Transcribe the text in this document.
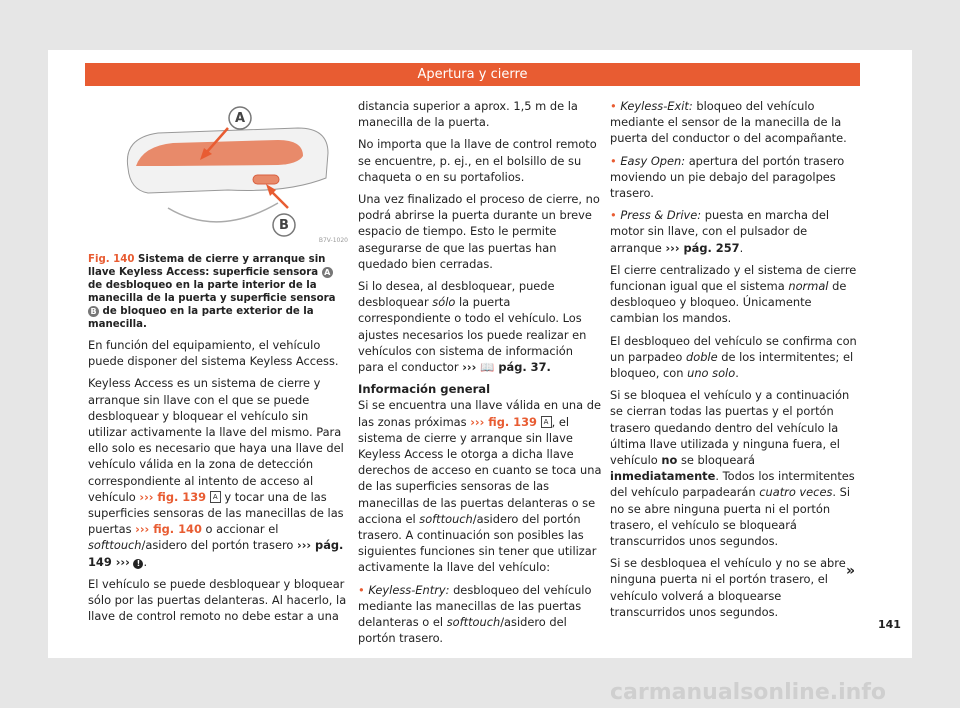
Apertura y cierre
A
B
B7V-1020
Fig. 140 Sistema de cierre y arranque sin llave Keyless Access: superficie sensora A de desbloqueo en la parte interior de la manecilla de la puerta y superficie sensora B de bloqueo en la parte exterior de la manecilla.

En función del equipamiento, el vehículo puede disponer del sistema Keyless Access.

Keyless Access es un sistema de cierre y arranque sin llave con el que se puede desbloquear y bloquear el vehículo sin utilizar activamente la llave del mismo. Para ello solo es necesario que haya una llave del vehículo válida en la zona de detección correspondiente al intento de acceso al vehículo ››› fig. 139 A y tocar una de las superficies sensoras de las manecillas de las puertas ››› fig. 140 o accionar el softtouch/asidero del portón trasero ››› pág. 149 ››› ! .

El vehículo se puede desbloquear y bloquear sólo por las puertas delanteras. Al hacerlo, la llave de control remoto no debe estar a una

distancia superior a aprox. 1,5 m de la manecilla de la puerta.

No importa que la llave de control remoto se encuentre, p. ej., en el bolsillo de su chaqueta o en su portafolios.

Una vez finalizado el proceso de cierre, no podrá abrirse la puerta durante un breve espacio de tiempo. Esto le permite asegurarse de que las puertas han quedado bien cerradas.

Si lo desea, al desbloquear, puede desbloquear sólo la puerta correspondiente o todo el vehículo. Los ajustes necesarios los puede realizar en vehículos con sistema de información para el conductor ››› 📖 pág. 37.

Información general

Si se encuentra una llave válida en una de las zonas próximas ››› fig. 139 A , el sistema de cierre y arranque sin llave Keyless Access le otorga a dicha llave derechos de acceso en cuanto se toca una de las superficies sensoras de las manecillas de las puertas delanteras o se acciona el softtouch/asidero del portón trasero. A continuación son posibles las siguientes funciones sin tener que utilizar activamente la llave del vehículo:

• Keyless-Entry: desbloqueo del vehículo mediante las manecillas de las puertas delanteras o el softtouch/asidero del portón trasero.

• Keyless-Exit: bloqueo del vehículo mediante el sensor de la manecilla de la puerta del conductor o del acompañante.

• Easy Open: apertura del portón trasero moviendo un pie debajo del paragolpes trasero.

• Press & Drive: puesta en marcha del motor sin llave, con el pulsador de arranque ››› pág. 257.

El cierre centralizado y el sistema de cierre funcionan igual que el sistema normal de desbloqueo y bloqueo. Únicamente cambian los mandos.

El desbloqueo del vehículo se confirma con un parpadeo doble de los intermitentes; el bloqueo, con uno solo.

Si se bloquea el vehículo y a continuación se cierran todas las puertas y el portón trasero quedando dentro del vehículo la última llave utilizada y ninguna fuera, el vehículo no se bloqueará inmediatamente. Todos los intermitentes del vehículo parpadearán cuatro veces. Si no se abre ninguna puerta ni el portón trasero, el vehículo se bloqueará transcurridos unos segundos.

Si se desbloquea el vehículo y no se abre ninguna puerta ni el portón trasero, el vehículo volverá a bloquearse transcurridos unos segundos.

»
141
carmanualsonline.info
